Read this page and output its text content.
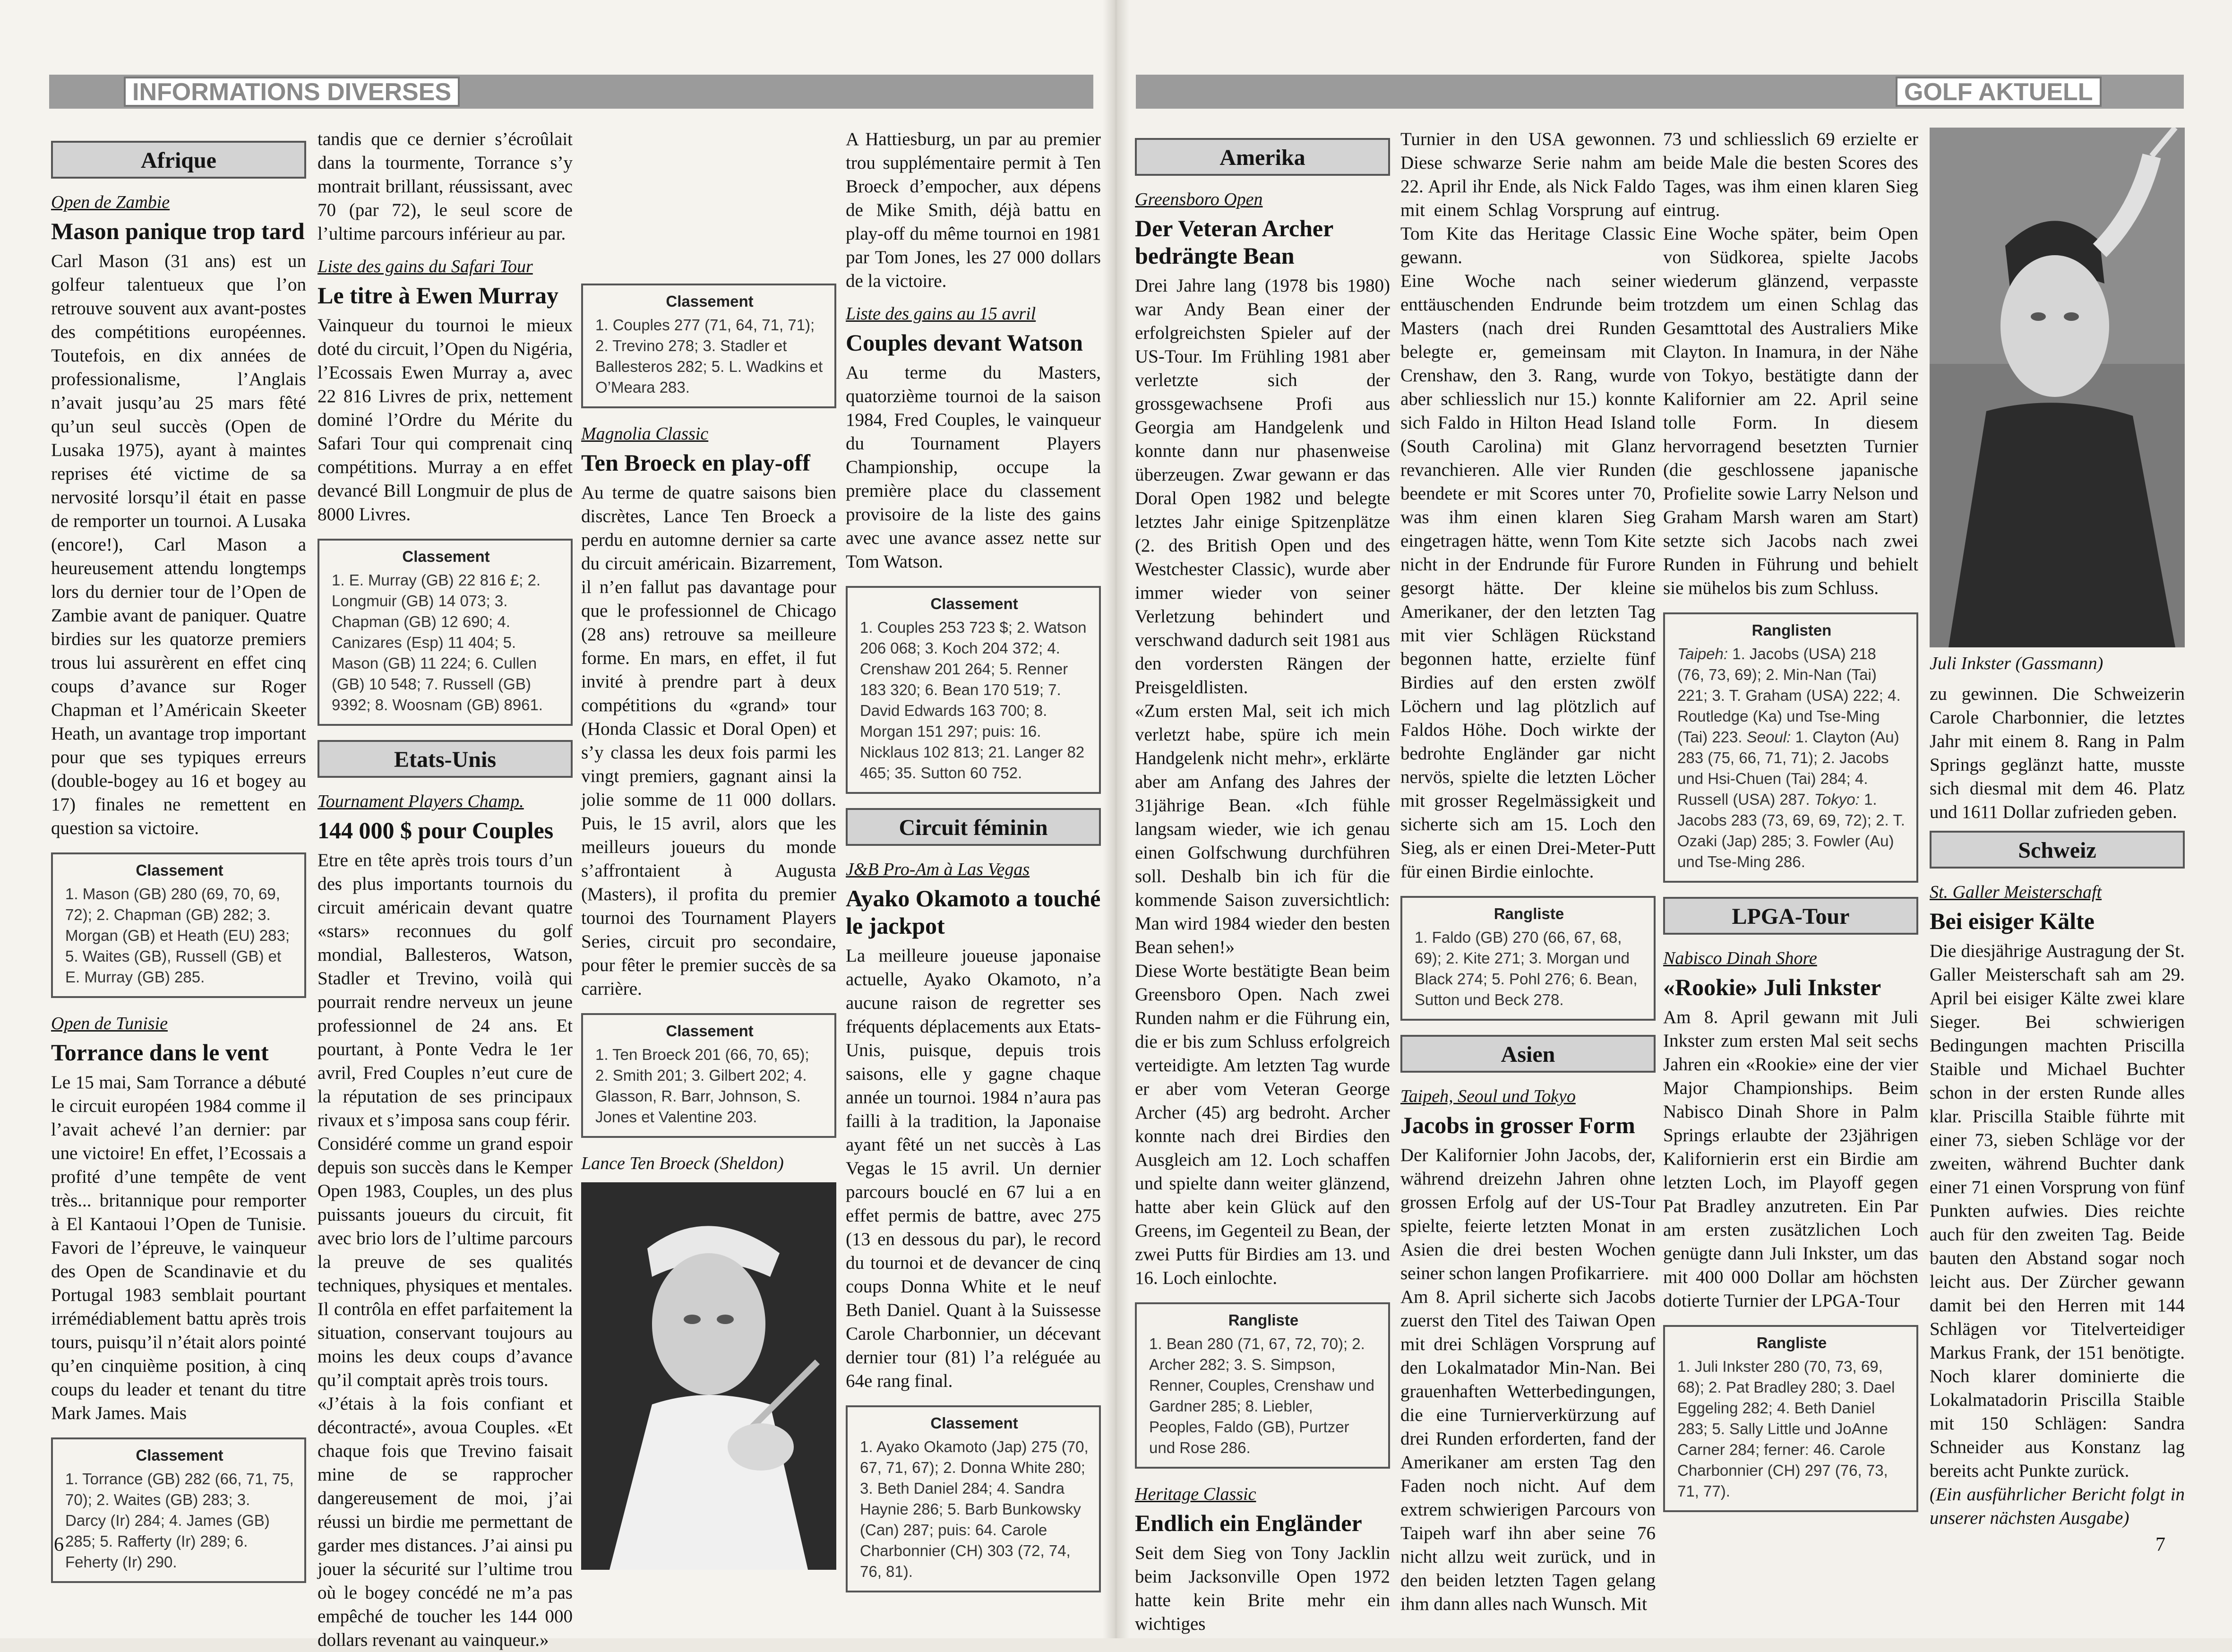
INFORMATIONS DIVERSES
Afrique
Open de Zambie
Mason panique trop tard

Carl Mason (31 ans) est un golfeur talentueux que l’on retrouve souvent aux avant-postes des compétitions européennes. Toutefois, en dix années de professionalisme, l’Anglais n’avait jusqu’au 25 mars fêté qu’un seul succès (Open de Lusaka 1975), ayant à maintes reprises été victime de sa nervosité lorsqu’il était en passe de remporter un tournoi. A Lusaka (encore!), Carl Mason a heureusement attendu longtemps lors du dernier tour de l’Open de Zambie avant de paniquer. Quatre birdies sur les quatorze premiers trous lui assurèrent en effet cinq coups d’avance sur Roger Chapman et l’Américain Skeeter Heath, un avantage trop important pour que ses typiques erreurs (double-bogey au 16 et bogey au 17) finales ne remettent en question sa victoire.

Classement
1. Mason (GB) 280 (69, 70, 69, 72); 2. Chapman (GB) 282; 3. Morgan (GB) et Heath (EU) 283; 5. Waites (GB), Russell (GB) et E. Murray (GB) 285.
Open de Tunisie
Torrance dans le vent

Le 15 mai, Sam Torrance a débuté le circuit européen 1984 comme il l’avait achevé l’an dernier: par une victoire! En effet, l’Ecossais a profité d’une tempête de vent très... britannique pour remporter à El Kantaoui l’Open de Tunisie. Favori de l’épreuve, le vainqueur des Open de Scandinavie et du Portugal 1983 semblait pourtant irrémédiablement battu après trois tours, puisqu’il n’était alors pointé qu’en cinquième position, à cinq coups du leader et tenant du titre Mark James. Mais

Classement
1. Torrance (GB) 282 (66, 71, 75, 70); 2. Waites (GB) 283; 3. Darcy (Ir) 284; 4. James (GB) 285; 5. Rafferty (Ir) 289; 6. Feherty (Ir) 290.

tandis que ce dernier s’écroûlait dans la tourmente, Torrance s’y montrait brillant, réussissant, avec 70 (par 72), le seul score de l’ultime parcours inférieur au par.

Liste des gains du Safari Tour
Le titre à Ewen Murray

Vainqueur du tournoi le mieux doté du circuit, l’Open du Nigéria, l’Ecossais Ewen Murray a, avec 22 816 Livres de prix, nettement dominé l’Ordre du Mérite du Safari Tour qui comprenait cinq compétitions. Murray a en effet devancé Bill Longmuir de plus de 8000 Livres.

Classement
1. E. Murray (GB) 22 816 £; 2. Longmuir (GB) 14 073; 3. Chapman (GB) 12 690; 4. Canizares (Esp) 11 404; 5. Mason (GB) 11 224; 6. Cullen (GB) 10 548; 7. Russell (GB) 9392; 8. Woosnam (GB) 8961.
Etats-Unis
Tournament Players Champ.
144 000 $ pour Couples

Etre en tête après trois tours d’un des plus importants tournois du circuit américain devant quatre «stars» reconnues du golf mondial, Ballesteros, Watson, Stadler et Trevino, voilà qui pourrait rendre nerveux un jeune professionnel de 24 ans. Et pourtant, à Ponte Vedra le 1er avril, Fred Couples n’eut cure de la réputation de ses principaux rivaux et s’imposa sans coup férir.

Considéré comme un grand espoir depuis son succès dans le Kemper Open 1983, Couples, un des plus puissants joueurs du circuit, fit avec brio lors de l’ultime parcours la preuve de ses qualités techniques, physiques et mentales. Il contrôla en effet parfaitement la situation, conservant toujours au moins les deux coups d’avance qu’il comptait après trois tours.

«J’étais à la fois confiant et décontracté», avoua Couples. «Et chaque fois que Trevino faisait mine de se rapprocher dangereusement de moi, j’ai réussi un birdie me permettant de garder mes distances. J’ai ainsi pu jouer la sécurité sur l’ultime trou où le bogey concédé ne m’a pas empêché de toucher les 144 000 dollars revenant au vainqueur.»

Classement
1. Couples 277 (71, 64, 71, 71); 2. Trevino 278; 3. Stadler et Ballesteros 282; 5. L. Wadkins et O’Meara 283.
Magnolia Classic
Ten Broeck en play-off

Au terme de quatre saisons bien discrètes, Lance Ten Broeck a perdu en automne dernier sa carte du circuit américain. Bizarrement, il n’en fallut pas davantage pour que le professionnel de Chicago (28 ans) retrouve sa meilleure forme. En mars, en effet, il fut invité à prendre part à deux compétitions du «grand» tour (Honda Classic et Doral Open) et s’y classa les deux fois parmi les vingt premiers, gagnant ainsi la jolie somme de 11 000 dollars. Puis, le 15 avril, alors que les meilleurs joueurs du monde s’affrontaient à Augusta (Masters), il profita du premier tournoi des Tournament Players Series, circuit pro secondaire, pour fêter le premier succès de sa carrière.

Classement
1. Ten Broeck 201 (66, 70, 65); 2. Smith 201; 3. Gilbert 202; 4. Glasson, R. Barr, Johnson, S. Jones et Valentine 203.
Lance Ten Broeck (Sheldon)

A Hattiesburg, un par au premier trou supplémentaire permit à Ten Broeck d’empocher, aux dépens de Mike Smith, déjà battu en play-off du même tournoi en 1981 par Tom Jones, les 27 000 dollars de la victoire.

Liste des gains au 15 avril
Couples devant Watson

Au terme du Masters, quatorzième tournoi de la saison 1984, Fred Couples, le vainqueur du Tournament Players Championship, occupe la première place du classement provisoire de la liste des gains avec une avance assez nette sur Tom Watson.

Classement
1. Couples 253 723 $; 2. Watson 206 068; 3. Koch 204 372; 4. Crenshaw 201 264; 5. Renner 183 320; 6. Bean 170 519; 7. David Edwards 163 700; 8. Morgan 151 297; puis: 16. Nicklaus 102 813; 21. Langer 82 465; 35. Sutton 60 752.
Circuit féminin
J&B Pro-Am à Las Vegas
Ayako Okamoto a touché le jackpot

La meilleure joueuse japonaise actuelle, Ayako Okamoto, n’a aucune raison de regretter ses fréquents déplacements aux Etats-Unis, puisque, depuis trois saisons, elle y gagne chaque année un tournoi. 1984 n’aura pas failli à la tradition, la Japonaise ayant fêté un net succès à Las Vegas le 15 avril. Un dernier parcours bouclé en 67 lui a en effet permis de battre, avec 275 (13 en dessous du par), le record du tournoi et de devancer de cinq coups Donna White et le neuf Beth Daniel. Quant à la Suissesse Carole Charbonnier, un décevant dernier tour (81) l’a reléguée au 64e rang final.

Classement
1. Ayako Okamoto (Jap) 275 (70, 67, 71, 67); 2. Donna White 280; 3. Beth Daniel 284; 4. Sandra Haynie 286; 5. Barb Bunkowsky (Can) 287; puis: 64. Carole Charbonnier (CH) 303 (72, 74, 76, 81).
6
GOLF AKTUELL
Amerika
Greensboro Open
Der Veteran Archer bedrängte Bean

Drei Jahre lang (1978 bis 1980) war Andy Bean einer der erfolgreichsten Spieler auf der US-Tour. Im Frühling 1981 aber verletzte sich der grossgewachsene Profi aus Georgia am Handgelenk und konnte dann nur phasenweise überzeugen. Zwar gewann er das Doral Open 1982 und belegte letztes Jahr einige Spitzenplätze (2. des British Open und des Westchester Classic), wurde aber immer wieder von seiner Verletzung behindert und verschwand dadurch seit 1981 aus den vordersten Rängen der Preisgeldlisten.

«Zum ersten Mal, seit ich mich verletzt habe, spüre ich mein Handgelenk nicht mehr», erklärte aber am Anfang des Jahres der 31jährige Bean. «Ich fühle langsam wieder, wie ich genau einen Golfschwung durchführen soll. Deshalb bin ich für die kommende Saison zuversichtlich: Man wird 1984 wieder den besten Bean sehen!»

Diese Worte bestätigte Bean beim Greensboro Open. Nach zwei Runden nahm er die Führung ein, die er bis zum Schluss erfolgreich verteidigte. Am letzten Tag wurde er aber vom Veteran George Archer (45) arg bedroht. Archer konnte nach drei Birdies den Ausgleich am 12. Loch schaffen und spielte dann weiter glänzend, hatte aber kein Glück auf den Greens, im Gegenteil zu Bean, der zwei Putts für Birdies am 13. und 16. Loch einlochte.

Rangliste
1. Bean 280 (71, 67, 72, 70); 2. Archer 282; 3. S. Simpson, Renner, Couples, Crenshaw und Gardner 285; 8. Liebler, Peoples, Faldo (GB), Purtzer und Rose 286.
Heritage Classic
Endlich ein Engländer

Seit dem Sieg von Tony Jacklin beim Jacksonville Open 1972 hatte kein Brite mehr ein wichtiges

Turnier in den USA gewonnen. Diese schwarze Serie nahm am 22. April ihr Ende, als Nick Faldo mit einem Schlag Vorsprung auf Tom Kite das Heritage Classic gewann.

Eine Woche nach seiner enttäuschenden Endrunde beim Masters (nach drei Runden belegte er, gemeinsam mit Crenshaw, den 3. Rang, wurde aber schliesslich nur 15.) konnte sich Faldo in Hilton Head Island (South Carolina) mit Glanz revanchieren. Alle vier Runden beendete er mit Scores unter 70, was ihm einen klaren Sieg eingetragen hätte, wenn Tom Kite nicht in der Endrunde für Furore gesorgt hätte. Der kleine Amerikaner, der den letzten Tag mit vier Schlägen Rückstand begonnen hatte, erzielte fünf Birdies auf den ersten zwölf Löchern und lag plötzlich auf Faldos Höhe. Doch wirkte der bedrohte Engländer gar nicht nervös, spielte die letzten Löcher mit grosser Regelmässigkeit und sicherte sich am 15. Loch den Sieg, als er einen Drei-Meter-Putt für einen Birdie einlochte.

Rangliste
1. Faldo (GB) 270 (66, 67, 68, 69); 2. Kite 271; 3. Morgan und Black 274; 5. Pohl 276; 6. Bean, Sutton und Beck 278.
Asien
Taipeh, Seoul und Tokyo
Jacobs in grosser Form

Der Kalifornier John Jacobs, der, während dreizehn Jahren ohne grossen Erfolg auf der US-Tour spielte, feierte letzten Monat in Asien die drei besten Wochen seiner schon langen Profikarriere.

Am 8. April sicherte sich Jacobs zuerst den Titel des Taiwan Open mit drei Schlägen Vorsprung auf den Lokalmatador Min-Nan. Bei grauenhaften Wetterbedingungen, die eine Turnierverkürzung auf drei Runden erforderten, fand der Amerikaner am ersten Tag den Faden noch nicht. Auf dem extrem schwierigen Parcours von Taipeh warf ihn aber seine 76 nicht allzu weit zurück, und in den beiden letzten Tagen gelang ihm dann alles nach Wunsch. Mit

73 und schliesslich 69 erzielte er beide Male die besten Scores des Tages, was ihm einen klaren Sieg eintrug.

Eine Woche später, beim Open von Südkorea, spielte Jacobs wiederum glänzend, verpasste trotzdem um einen Schlag das Gesamttotal des Australiers Mike Clayton. In Inamura, in der Nähe von Tokyo, bestätigte dann der Kalifornier am 22. April seine tolle Form. In diesem hervorragend besetzten Turnier (die geschlossene japanische Profielite sowie Larry Nelson und Graham Marsh waren am Start) setzte sich Jacobs nach zwei Runden in Führung und behielt sie mühelos bis zum Schluss.

Ranglisten
Taipeh: 1. Jacobs (USA) 218 (76, 73, 69); 2. Min-Nan (Tai) 221; 3. T. Graham (USA) 222; 4. Routledge (Ka) und Tse-Ming (Tai) 223. Seoul: 1. Clayton (Au) 283 (75, 66, 71, 71); 2. Jacobs und Hsi-Chuen (Tai) 284; 4. Russell (USA) 287. Tokyo: 1. Jacobs 283 (73, 69, 69, 72); 2. T. Ozaki (Jap) 285; 3. Fowler (Au) und Tse-Ming 286.
LPGA-Tour
Nabisco Dinah Shore
«Rookie» Juli Inkster

Am 8. April gewann mit Juli Inkster zum ersten Mal seit sechs Jahren ein «Rookie» eine der vier Major Championships. Beim Nabisco Dinah Shore in Palm Springs erlaubte der 23jährigen Kalifornierin erst ein Birdie am letzten Loch, im Playoff gegen Pat Bradley anzutreten. Ein Par am ersten zusätzlichen Loch genügte dann Juli Inkster, um das mit 400 000 Dollar am höchsten dotierte Turnier der LPGA-Tour

Rangliste
1. Juli Inkster 280 (70, 73, 69, 68); 2. Pat Bradley 280; 3. Dael Eggeling 282; 4. Beth Daniel 283; 5. Sally Little und JoAnne Carner 284; ferner: 46. Carole Charbonnier (CH) 297 (76, 73, 71, 77).
Juli Inkster (Gassmann)

zu gewinnen. Die Schweizerin Carole Charbonnier, die letztes Jahr mit einem 8. Rang in Palm Springs geglänzt hatte, musste sich diesmal mit dem 46. Platz und 1611 Dollar zufrieden geben.

Schweiz
St. Galler Meisterschaft
Bei eisiger Kälte

Die diesjährige Austragung der St. Galler Meisterschaft sah am 29. April bei eisiger Kälte zwei klare Sieger. Bei schwierigen Bedingungen machten Priscilla Staible und Michael Buchter schon in der ersten Runde alles klar. Priscilla Staible führte mit einer 73, sieben Schläge vor der zweiten, während Buchter dank einer 71 einen Vorsprung von fünf Punkten aufwies. Dies reichte auch für den zweiten Tag. Beide bauten den Abstand sogar noch leicht aus. Der Zürcher gewann damit bei den Herren mit 144 Schlägen vor Titelverteidiger Markus Frank, der 151 benötigte. Noch klarer dominierte die Lokalmatadorin Priscilla Staible mit 150 Schlägen: Sandra Schneider aus Konstanz lag bereits acht Punkte zurück.

(Ein ausführlicher Bericht folgt in unserer nächsten Ausgabe)

7
